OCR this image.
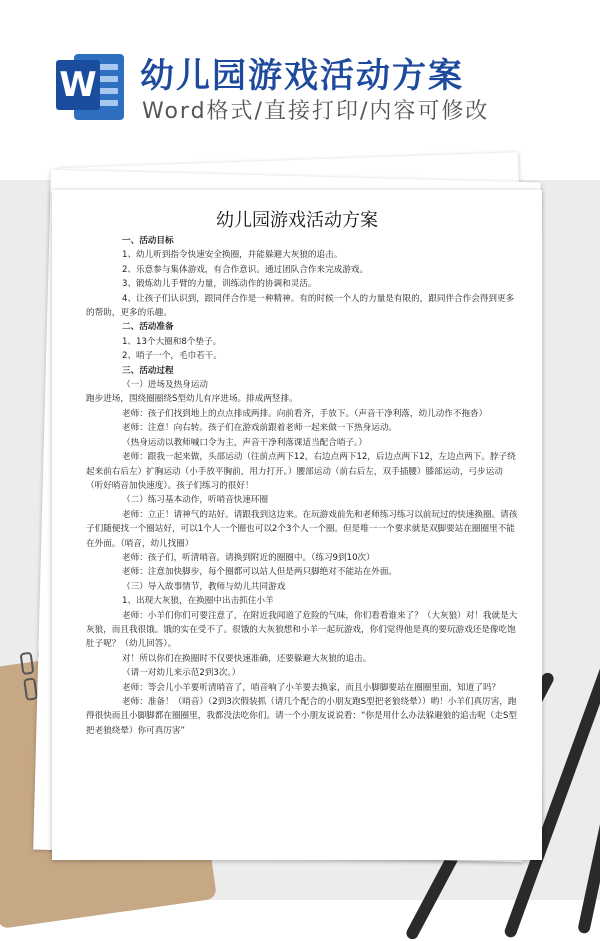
W 幼儿园游戏活动方案
Word格式/直接打印/内容可修改
幼儿园游戏活动方案

一、活动目标

1、幼儿听到指令快速安全换圈，并能躲避大灰狼的追击。

2、乐意参与集体游戏，有合作意识。通过团队合作来完成游戏。

3、锻炼幼儿手臂的力量，训练动作的协调和灵活。

4、让孩子们认识到，跟同伴合作是一种精神。有的时候一个人的力量是有限的，跟同伴合作会得到更多的帮助，更多的乐趣。

二、活动准备

1、13个大圈和8个垫子。

2、哨子一个，毛巾若干。

三、活动过程

（一）进场及热身运动

跑步进场，围绕圈圈绕S型幼儿有序进场。排成两竖排。

老师：孩子们找到地上的点点排成两排。向前看齐，手放下。（声音干净利落，幼儿动作不拖沓）

老师：注意！向右转。孩子们在游戏前跟着老师一起来做一下热身运动。

（热身运动以教师喊口令为主，声音干净利落课适当配合哨子。）

老师：跟我一起来做，头部运动（往前点两下12，右边点两下12，后边点两下12，左边点两下。脖子绕起来前右后左）扩胸运动（小手放平胸前，用力打开。）腰部运动（前右后左，双手插腰）膝部运动，弓步运动（听好哨音加快速度）。孩子们练习的很好！

（二）练习基本动作，听哨音快速环圈

老师：立正！请神气的站好。请跟我到这边来。在玩游戏前先和老师练习练习以前玩过的快速换圈。请孩子们随便找一个圈站好，可以1个人一个圈也可以2个3个人一个圈。但是唯一一个要求就是双脚要站在圈圈里不能在外面。（哨音，幼儿找圈）

老师：孩子们，听清哨音。请换到附近的圈圈中。（练习9到10次）

老师：注意加快脚步，每个圈都可以站人但是两只脚绝对不能站在外面。

（三）导入故事情节，教师与幼儿共同游戏

1、出现大灰狼，在换圈中出击抓住小羊

老师：小羊们你们可要注意了，在附近我闻道了危险的气味，你们看看谁来了？（大灰狼）对！我就是大灰狼，而且我很饿。饿的实在受不了。很饿的大灰狼想和小羊一起玩游戏，你们觉得他是真的要玩游戏还是像吃饱肚子呢？（幼儿回答）。

对！所以你们在换圈时不仅要快速准确，还要躲避大灰狼的追击。

（请一对幼儿来示范2到3次。）

老师：等会儿小羊要听清哨音了，哨音响了小羊要去换家，而且小脚脚要站在圈圈里面，知道了吗？

老师：准备！（哨音）（2到3次假装抓（请几个配合的小朋友跑S型把老狼绕晕））哟！小羊们真厉害，跑得很快而且小脚脚都在圈圈里，我都没法吃你们。请一个小朋友说说看：“你是用什么办法躲避狼的追击呢（走S型把老狼绕晕）你可真厉害”
